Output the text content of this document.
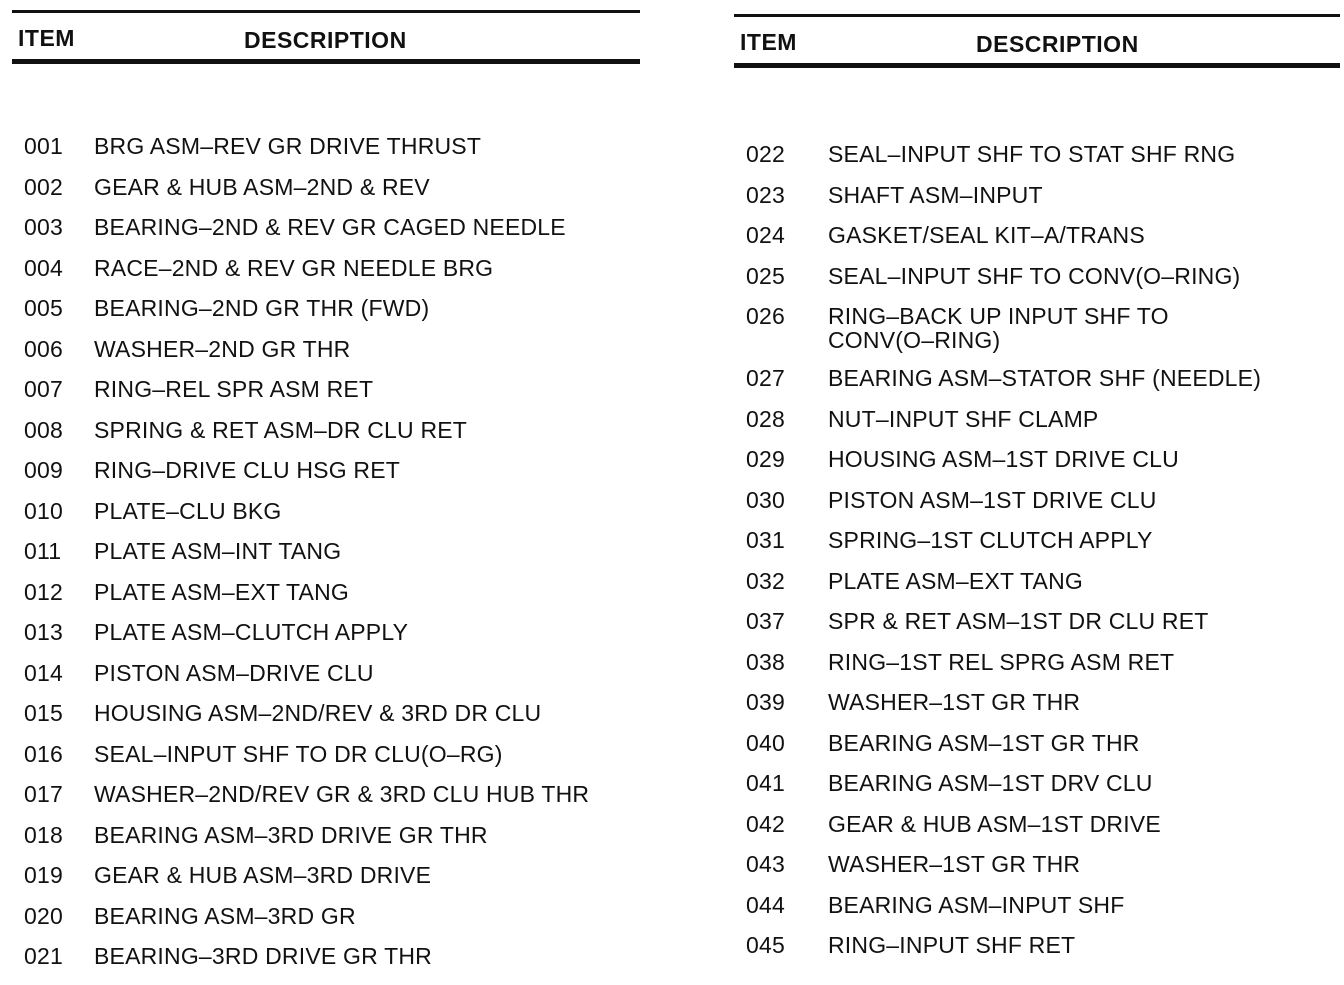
ITEM	DESCRIPTION
001	BRG ASM–REV GR DRIVE THRUST
002	GEAR & HUB ASM–2ND & REV
003	BEARING–2ND & REV GR CAGED NEEDLE
004	RACE–2ND & REV GR NEEDLE BRG
005	BEARING–2ND GR THR (FWD)
006	WASHER–2ND GR THR
007	RING–REL SPR ASM RET
008	SPRING & RET ASM–DR CLU RET
009	RING–DRIVE CLU HSG RET
010	PLATE–CLU BKG
011	PLATE ASM–INT TANG
012	PLATE ASM–EXT TANG
013	PLATE ASM–CLUTCH APPLY
014	PISTON ASM–DRIVE CLU
015	HOUSING ASM–2ND/REV & 3RD DR CLU
016	SEAL–INPUT SHF TO DR CLU(O–RG)
017	WASHER–2ND/REV GR & 3RD CLU HUB THR
018	BEARING ASM–3RD DRIVE GR THR
019	GEAR & HUB ASM–3RD DRIVE
020	BEARING ASM–3RD GR
021	BEARING–3RD DRIVE GR THR
ITEM	DESCRIPTION
022	SEAL–INPUT SHF TO STAT SHF RNG
023	SHAFT ASM–INPUT
024	GASKET/SEAL KIT–A/TRANS
025	SEAL–INPUT SHF TO CONV(O–RING)
026	RING–BACK UP INPUT SHF TO
CONV(O–RING)
027	BEARING ASM–STATOR SHF (NEEDLE)
028	NUT–INPUT SHF CLAMP
029	HOUSING ASM–1ST DRIVE CLU
030	PISTON ASM–1ST DRIVE CLU
031	SPRING–1ST CLUTCH APPLY
032	PLATE ASM–EXT TANG
037	SPR & RET ASM–1ST DR CLU RET
038	RING–1ST REL SPRG ASM RET
039	WASHER–1ST GR THR
040	BEARING ASM–1ST GR THR
041	BEARING ASM–1ST DRV CLU
042	GEAR & HUB ASM–1ST DRIVE
043	WASHER–1ST GR THR
044	BEARING ASM–INPUT SHF
045	RING–INPUT SHF RET
